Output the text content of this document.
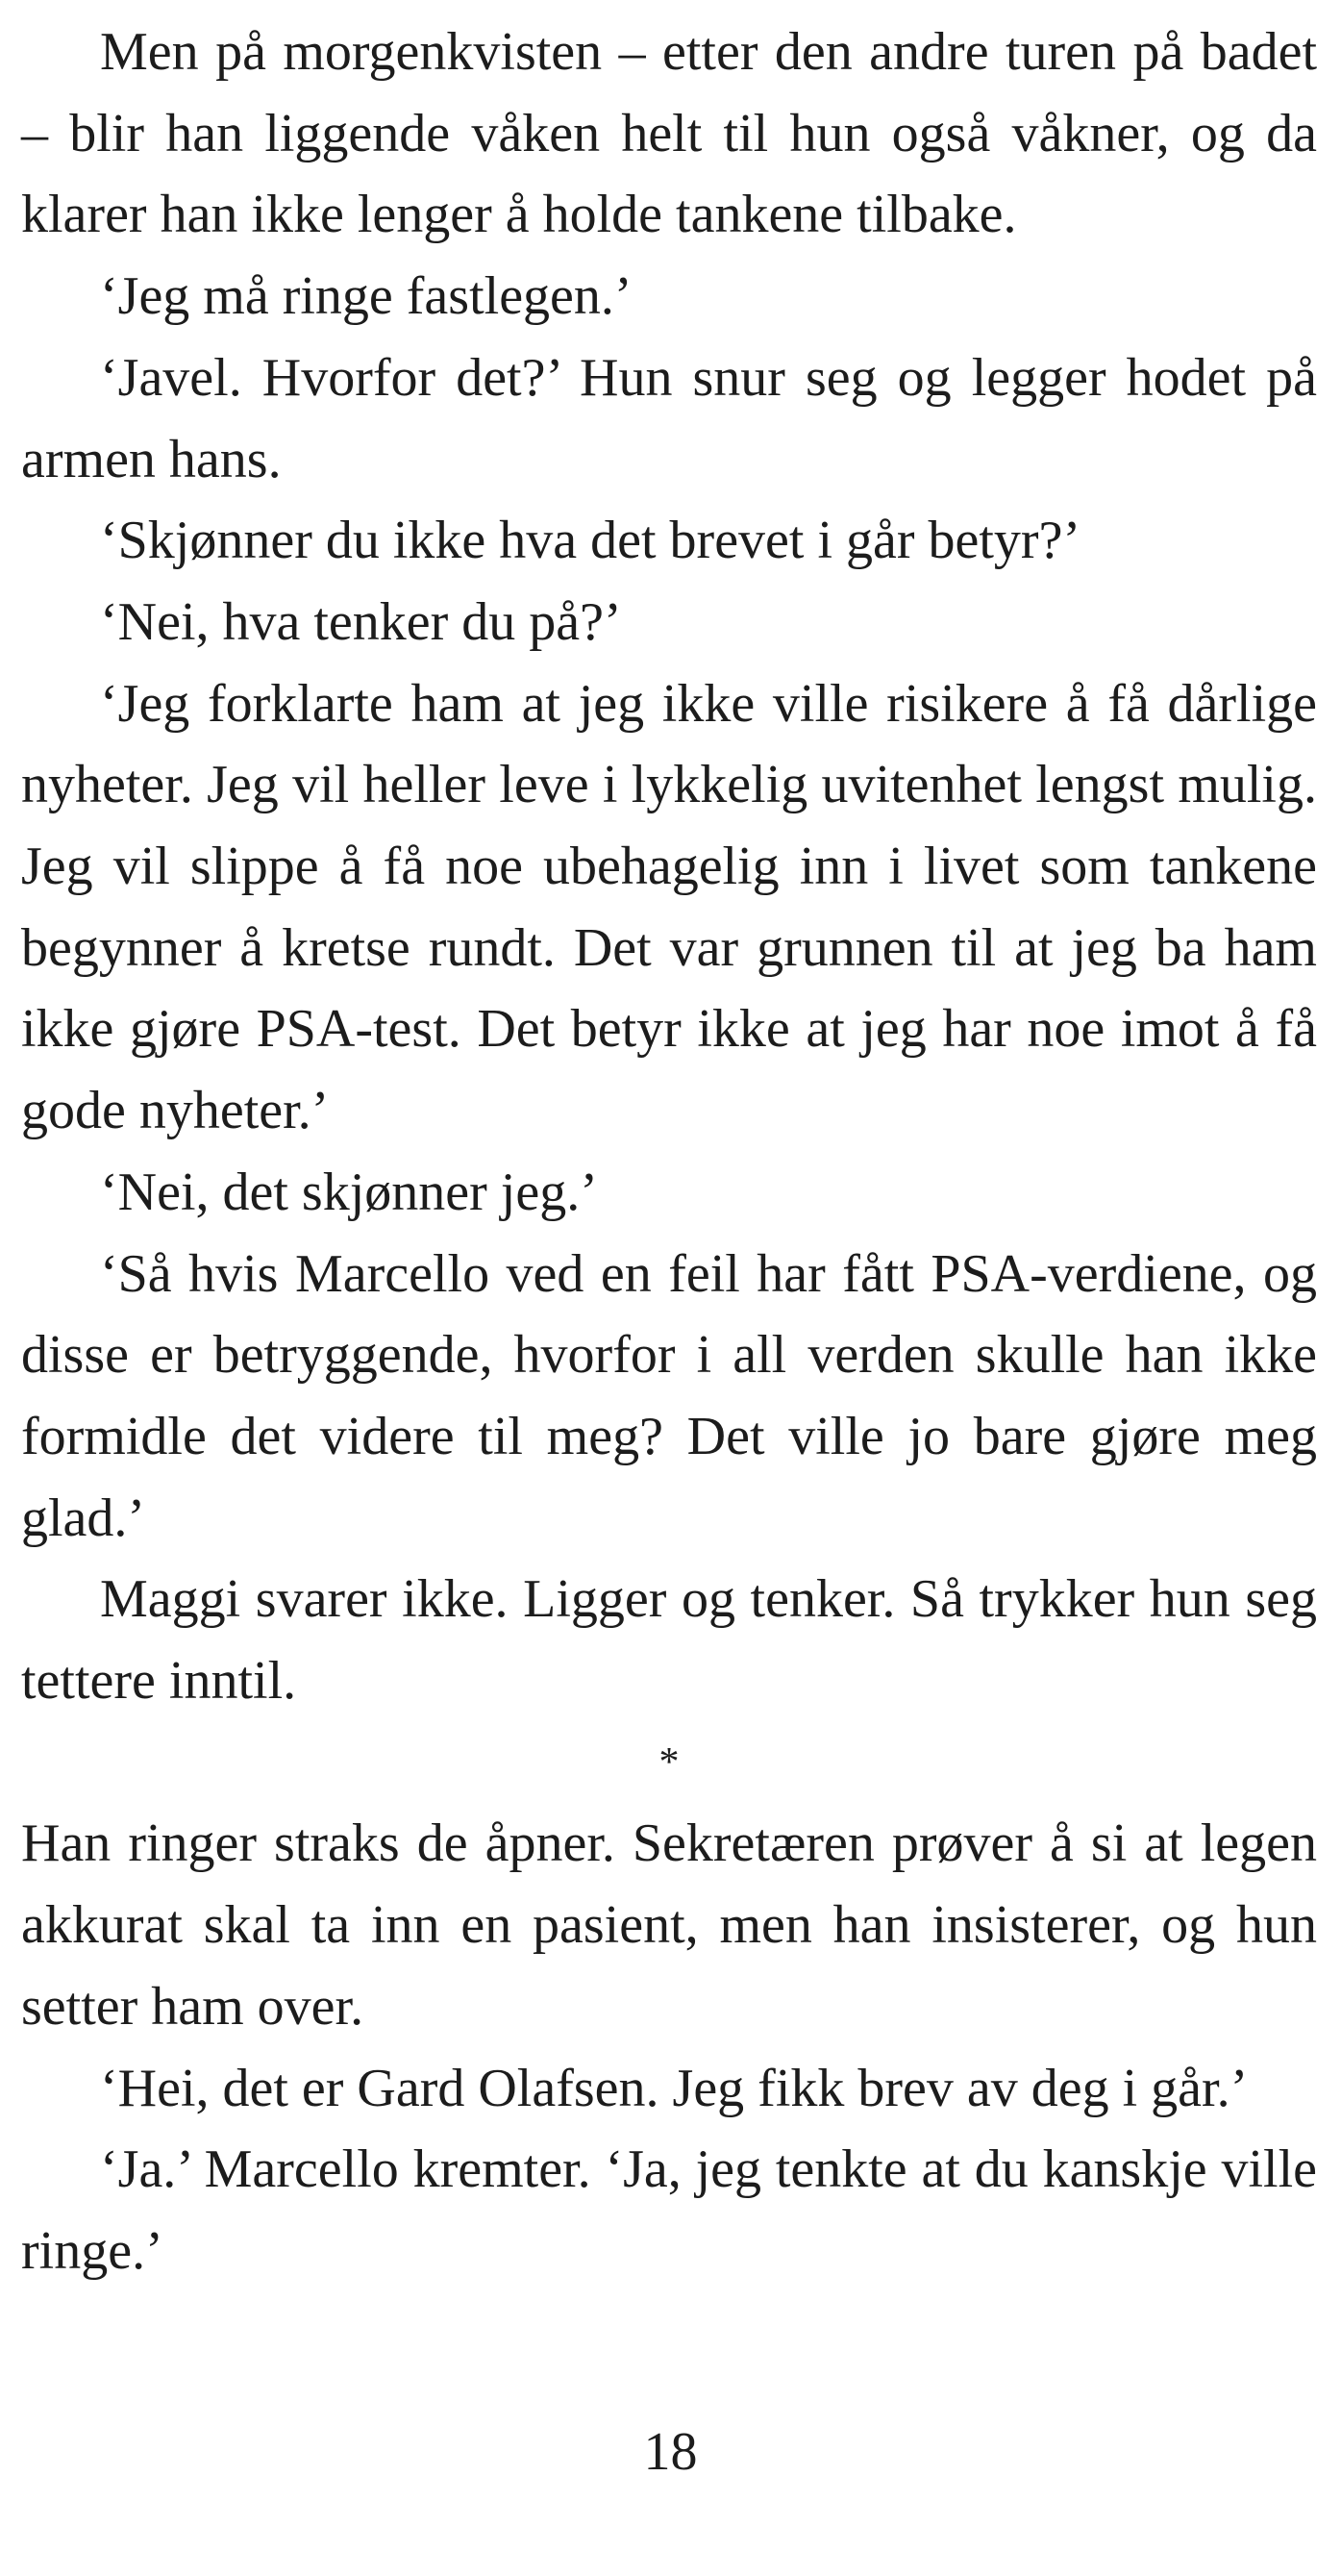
Men på morgenkvisten – etter den andre turen på badet – blir han liggende våken helt til hun også våkner, og da klarer han ikke lenger å holde tankene tilbake.

‘Jeg må ringe fastlegen.’

‘Javel. Hvorfor det?’ Hun snur seg og legger hodet på armen hans.

‘Skjønner du ikke hva det brevet i går betyr?’

‘Nei, hva tenker du på?’

‘Jeg forklarte ham at jeg ikke ville risikere å få dårlige nyheter. Jeg vil heller leve i lykkelig uvitenhet lengst mulig. Jeg vil slippe å få noe ubehagelig inn i livet som tankene begynner å kretse rundt. Det var grunnen til at jeg ba ham ikke gjøre PSA-test. Det betyr ikke at jeg har noe imot å få gode nyheter.’

‘Nei, det skjønner jeg.’

‘Så hvis Marcello ved en feil har fått PSA-verdiene, og disse er betryggende, hvorfor i all verden skulle han ikke formidle det videre til meg? Det ville jo bare gjøre meg glad.’

Maggi svarer ikke. Ligger og tenker. Så trykker hun seg tettere inntil.

*

Han ringer straks de åpner. Sekretæren prøver å si at legen akkurat skal ta inn en pasient, men han insisterer, og hun setter ham over.

‘Hei, det er Gard Olafsen. Jeg fikk brev av deg i går.’

‘Ja.’ Marcello kremter. ‘Ja, jeg tenkte at du kanskje ville ringe.’

18
